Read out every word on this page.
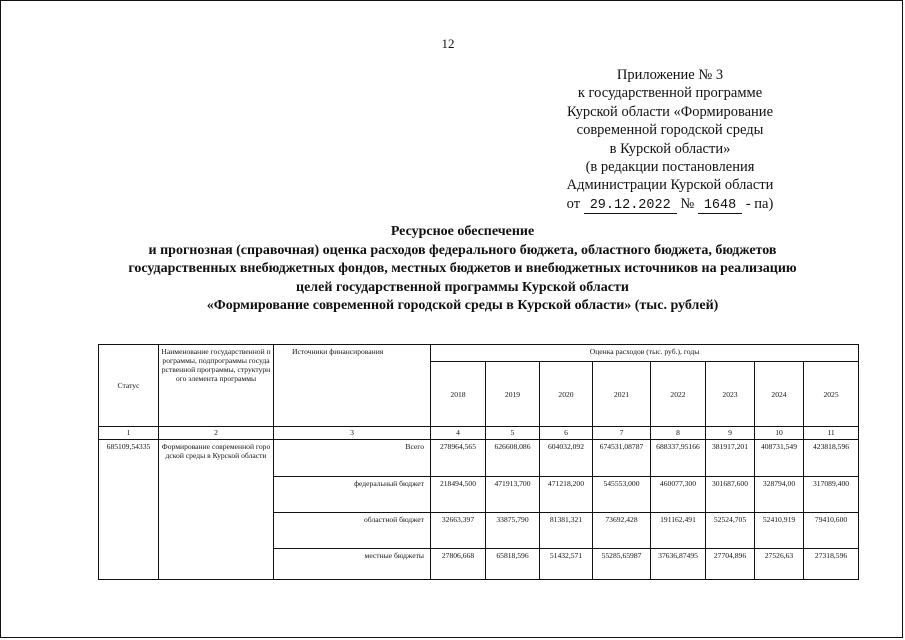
12
Приложение № 3
к государственной программе
Курской области «Формирование
современной городской среды
в Курской области»
(в редакции постановления
Администрации Курской области
от 29.12.2022 № 1648 - па)
Ресурсное обеспечение
и прогнозная (справочная) оценка расходов федерального бюджета, областного бюджета, бюджетов
государственных внебюджетных фондов, местных бюджетов и внебюджетных источников на реализацию
целей государственной программы Курской области
«Формирование современной городской среды в Курской области» (тыс. рублей)
Статус	Наименование государственной программы, подпрограммы государственной программы, структурного элемента программы	Источники финансирования	Оценка расходов (тыс. руб.), годы							
			2018	2019	2020	2021	2022	2023	2024	2025
1	2	3	4	5	6	7	8	9	10	11
685109,54335	Формирование современной городской среды в Курской области	Всего	278964,565	626608,086	604032,092	674531,08787	688337,95166	381917,201	408731,549	423818,596
		федеральный бюджет	218494,500	471913,700	471218,200	545553,000	460077,300	301687,600	328794,00	317089,400
		областной бюджет	32663,397	33875,790	81381,321	73692,428	191162,491	52524,705	52410,919	79410,600
		местные бюджеты	27806,668	65818,596	51432,571	55285,65987	37636,87495	27704,896	27526,63	27318,596
